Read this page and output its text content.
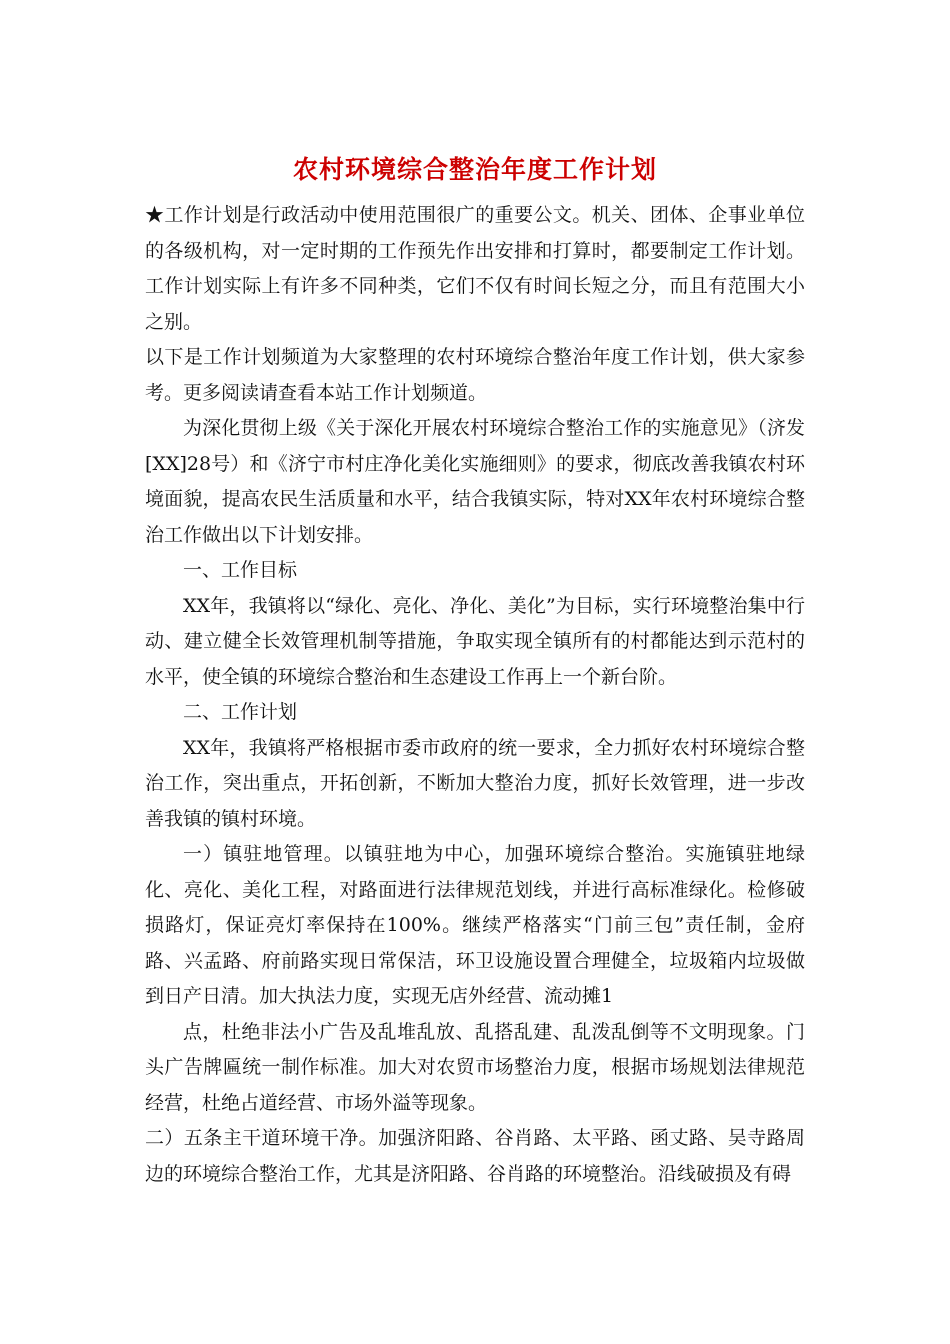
农村环境综合整治年度工作计划

★工作计划是行政活动中使用范围很广的重要公文。机关、团体、企事业单位的各级机构，对一定时期的工作预先作出安排和打算时，都要制定工作计划。工作计划实际上有许多不同种类，它们不仅有时间长短之分，而且有范围大小之别。

以下是工作计划频道为大家整理的农村环境综合整治年度工作计划，供大家参考。更多阅读请查看本站工作计划频道。

为深化贯彻上级《关于深化开展农村环境综合整治工作的实施意见》（济发[XX]28号）和《济宁市村庄净化美化实施细则》的要求，彻底改善我镇农村环境面貌，提高农民生活质量和水平，结合我镇实际，特对XX年农村环境综合整治工作做出以下计划安排。

一、工作目标

XX年，我镇将以“绿化、亮化、净化、美化”为目标，实行环境整治集中行动、建立健全长效管理机制等措施，争取实现全镇所有的村都能达到示范村的水平，使全镇的环境综合整治和生态建设工作再上一个新台阶。

二、工作计划

XX年，我镇将严格根据市委市政府的统一要求，全力抓好农村环境综合整治工作，突出重点，开拓创新，不断加大整治力度，抓好长效管理，进一步改善我镇的镇村环境。

一）镇驻地管理。以镇驻地为中心，加强环境综合整治。实施镇驻地绿化、亮化、美化工程，对路面进行法律规范划线，并进行高标准绿化。检修破损路灯，保证亮灯率保持在100%。继续严格落实“门前三包”责任制，金府路、兴孟路、府前路实现日常保洁，环卫设施设置合理健全，垃圾箱内垃圾做到日产日清。加大执法力度，实现无店外经营、流动摊1

点，杜绝非法小广告及乱堆乱放、乱搭乱建、乱泼乱倒等不文明现象。门头广告牌匾统一制作标准。加大对农贸市场整治力度，根据市场规划法律规范经营，杜绝占道经营、市场外溢等现象。

二）五条主干道环境干净。加强济阳路、谷肖路、太平路、函丈路、吴寺路周边的环境综合整治工作，尤其是济阳路、谷肖路的环境整治。沿线破损及有碍
